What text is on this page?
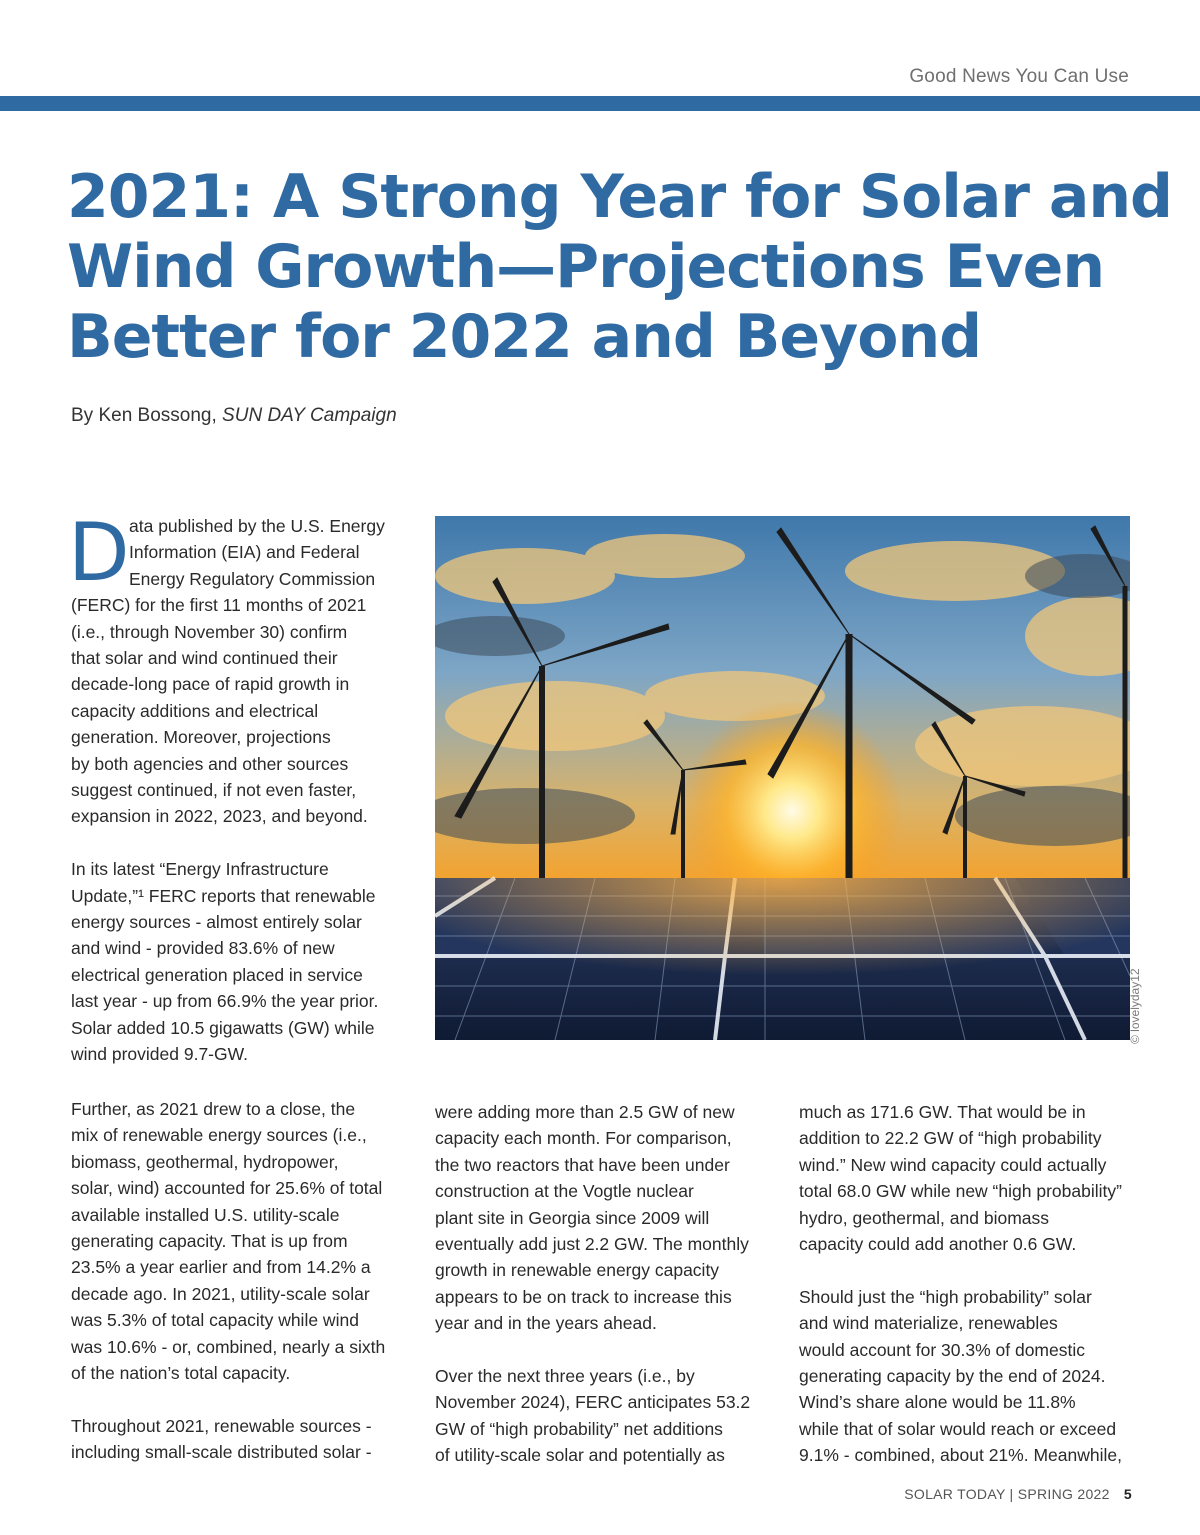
Good News You Can Use
2021: A Strong Year for Solar and
Wind Growth—Projections Even
Better for 2022 and Beyond
By Ken Bossong, SUN DAY Campaign
D ata published by the U.S. Energy
Information (EIA) and Federal
Energy Regulatory Commission
(FERC) for the first 11 months of 2021
(i.e., through November 30) confirm
that solar and wind continued their
decade-long pace of rapid growth in
capacity additions and electrical
generation. Moreover, projections
by both agencies and other sources
suggest continued, if not even faster,
expansion in 2022, 2023, and beyond.

In its latest “Energy Infrastructure
Update,”¹ FERC reports that renewable
energy sources - almost entirely solar
and wind - provided 83.6% of new
electrical generation placed in service
last year - up from 66.9% the year prior.
Solar added 10.5 gigawatts (GW) while
wind provided 9.7-GW.

Further, as 2021 drew to a close, the
mix of renewable energy sources (i.e.,
biomass, geothermal, hydropower,
solar, wind) accounted for 25.6% of total
available installed U.S. utility-scale
generating capacity. That is up from
23.5% a year earlier and from 14.2% a
decade ago. In 2021, utility-scale solar
was 5.3% of total capacity while wind
was 10.6% - or, combined, nearly a sixth
of the nation’s total capacity.

Throughout 2021, renewable sources -
including small-scale distributed solar -

were adding more than 2.5 GW of new
capacity each month. For comparison,
the two reactors that have been under
construction at the Vogtle nuclear
plant site in Georgia since 2009 will
eventually add just 2.2 GW. The monthly
growth in renewable energy capacity
appears to be on track to increase this
year and in the years ahead.

Over the next three years (i.e., by
November 2024), FERC anticipates 53.2
GW of “high probability” net additions
of utility-scale solar and potentially as

much as 171.6 GW. That would be in
addition to 22.2 GW of “high probability
wind.” New wind capacity could actually
total 68.0 GW while new “high probability”
hydro, geothermal, and biomass
capacity could add another 0.6 GW.

Should just the “high probability” solar
and wind materialize, renewables
would account for 30.3% of domestic
generating capacity by the end of 2024.
Wind’s share alone would be 11.8%
while that of solar would reach or exceed
9.1% - combined, about 21%. Meanwhile,

© lovelyday12
SOLAR TODAY | SPRING 2022 5
